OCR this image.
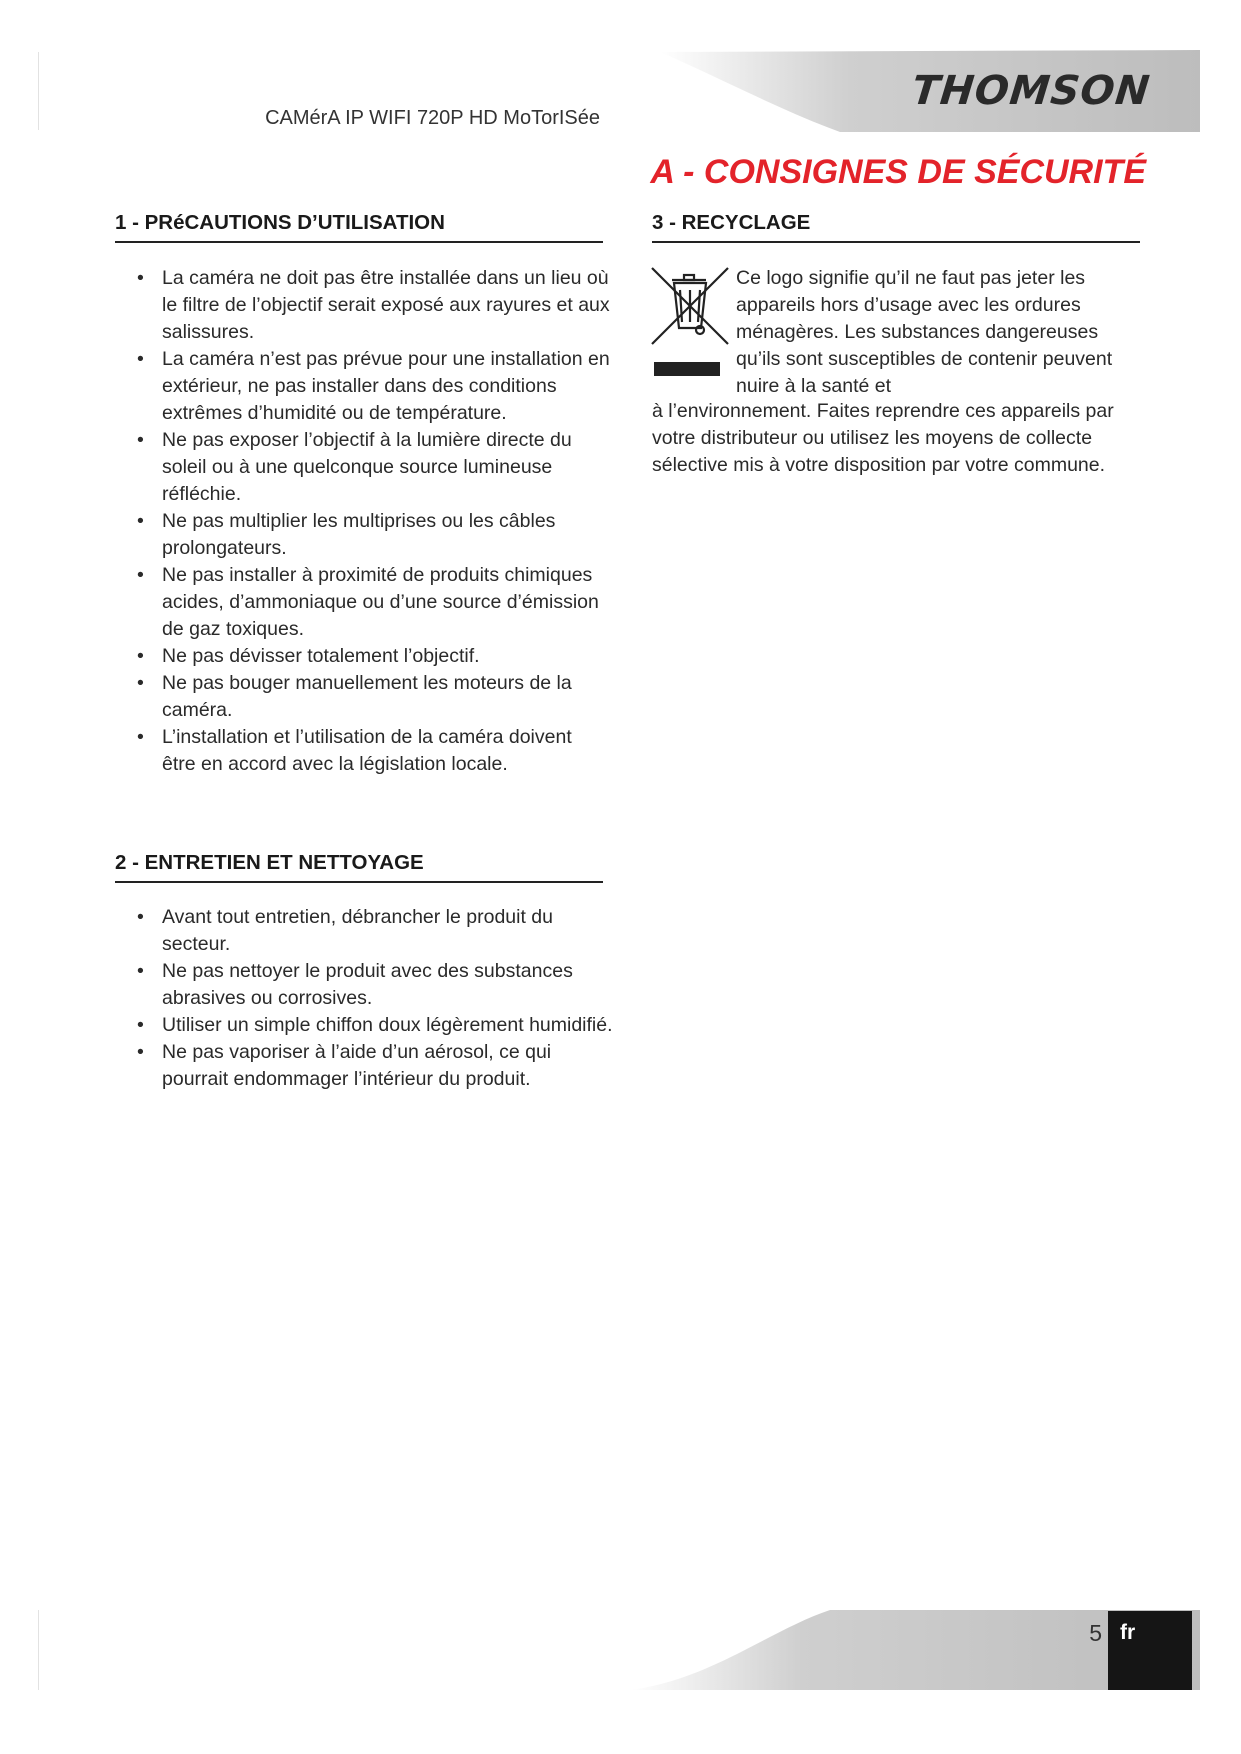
THOMSON
CAMérA IP WIFI 720P HD MoTorISée
A - CONSIGNES DE SÉCURITÉ
1 - PRéCAUTIONS D’UTILISATION
• La caméra ne doit pas être installée dans un lieu où le filtre de l’objectif serait exposé aux rayures et aux salissures.
• La caméra n’est pas prévue pour une installation en extérieur, ne pas installer dans des conditions extrêmes d’humidité ou de température.
• Ne pas exposer l’objectif à la lumière directe du soleil ou à une quelconque source lumineuse réfléchie.
• Ne pas multiplier les multiprises ou les câbles prolongateurs.
• Ne pas installer à proximité de produits chimiques acides, d’ammoniaque ou d’une source d’émission de gaz toxiques.
• Ne pas dévisser totalement l’objectif.
• Ne pas bouger manuellement les moteurs de la caméra.
• L’installation et l’utilisation de la caméra doivent être en accord avec la législation locale.
2 - ENTRETIEN ET NETTOYAGE
• Avant tout entretien, débrancher le produit du secteur.
• Ne pas nettoyer le produit avec des substances abrasives ou corrosives.
• Utiliser un simple chiffon doux légèrement humidifié.
• Ne pas vaporiser à l’aide d’un aérosol, ce qui pourrait endommager l’intérieur du produit.
3 - RECYCLAGE

Ce logo signifie qu’il ne faut pas jeter les appareils hors d’usage avec les ordures ménagères. Les substances dangereuses qu’ils sont susceptibles de contenir peuvent nuire à la santé et

à l’environnement. Faites reprendre ces appareils par votre distributeur ou utilisez les moyens de collecte sélective mis à votre disposition par votre commune.

5 fr
